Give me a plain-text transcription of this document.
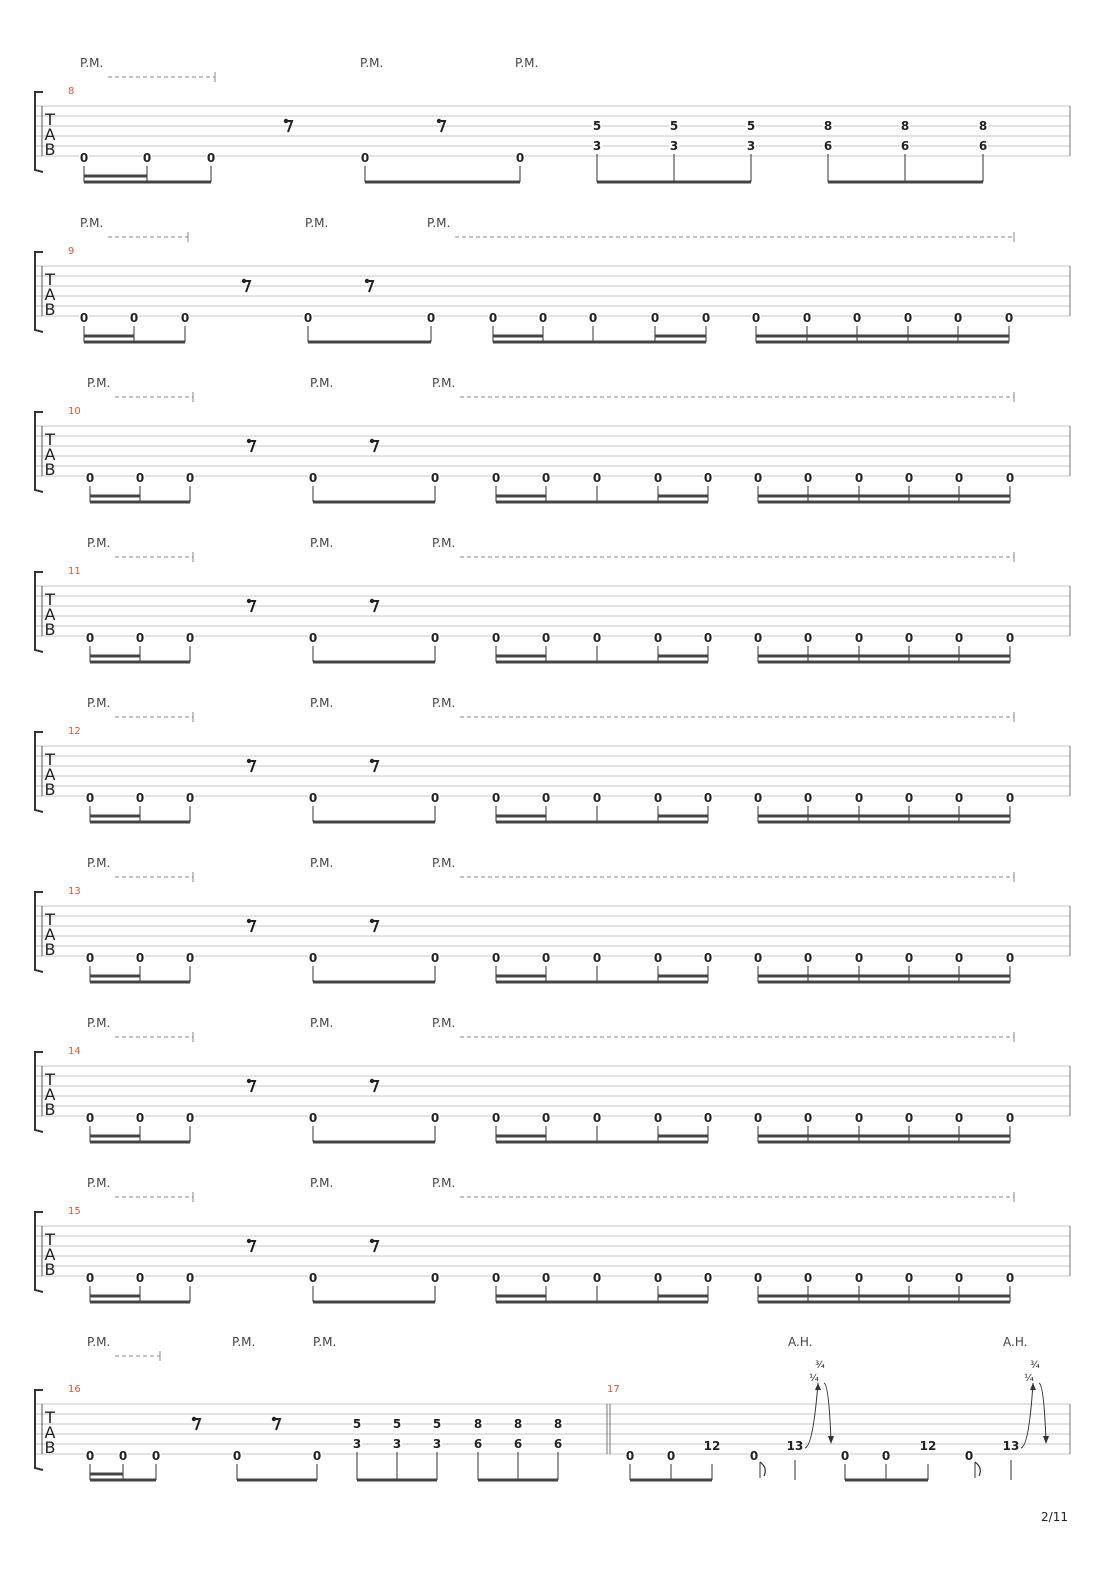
P.M.	P.M.	P.M.
T
A
B
8
0	0	0	0	0
5
3
5
3
5
3
8
6
8
6
8
6
P.M.	P.M.	P.M.
T
A
B
9
0	0	0	0	0	0	0	0	0	0	0	0	0	0	0	0
P.M.	P.M.	P.M.
T
A
B
10
0	0	0	0	0	0	0	0	0	0	0	0	0	0	0	0
P.M.	P.M.	P.M.
T
A
B
11
0	0	0	0	0	0	0	0	0	0	0	0	0	0	0	0
P.M.	P.M.	P.M.
T
A
B
12
0	0	0	0	0	0	0	0	0	0	0	0	0	0	0	0
P.M.	P.M.	P.M.
T
A
B
13
0	0	0	0	0	0	0	0	0	0	0	0	0	0	0	0
P.M.	P.M.	P.M.
T
A
B
14
0	0	0	0	0	0	0	0	0	0	0	0	0	0	0	0
P.M.	P.M.	P.M.
T
A
B
15
0	0	0	0	0	0	0	0	0	0	0	0	0	0	0	0
P.M.	P.M.	P.M.	A.H.	A.H.
T
A
B
16	17
0 0 0	0	0
5
3
5
3
5
3
8
6
8
6
8
6
0	0
12
0
13
0	0
12
0
13
¼
¾
¼
¾
2/11
